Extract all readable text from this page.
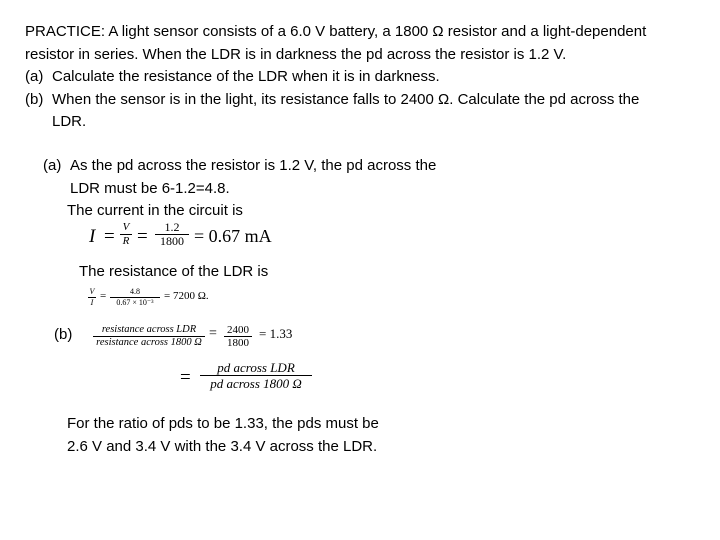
PRACTICE: A light sensor consists of a 6.0 V battery, a 1800 Ω resistor and a light-dependent
resistor in series. When the LDR is in darkness the pd across the resistor is 1.2 V.
(a) Calculate the resistance of the LDR when it is in darkness.
(b) When the sensor is in the light, its resistance falls to 2400 Ω. Calculate the pd across the
LDR.
(a) As the pd across the resistor is 1.2 V, the pd across the
LDR must be 6-1.2=4.8.
The current in the circuit is
$I = \frac{V}{R} = \frac{1.2}{1800} = 0.67$ mA
The resistance of the LDR is
$\frac{V}{I} = \frac{4.8}{\text{0.67 × 10⁻³}} = 7200$ Ω.
(b)	resistance across LDR
resistance across 1800 Ω
= $\frac{2400}{1800} = 1.33$
=	pd across LDR
pd across 1800 Ω
For the ratio of pds to be 1.33, the pds must be
2.6 V and 3.4 V with the 3.4 V across the LDR.
